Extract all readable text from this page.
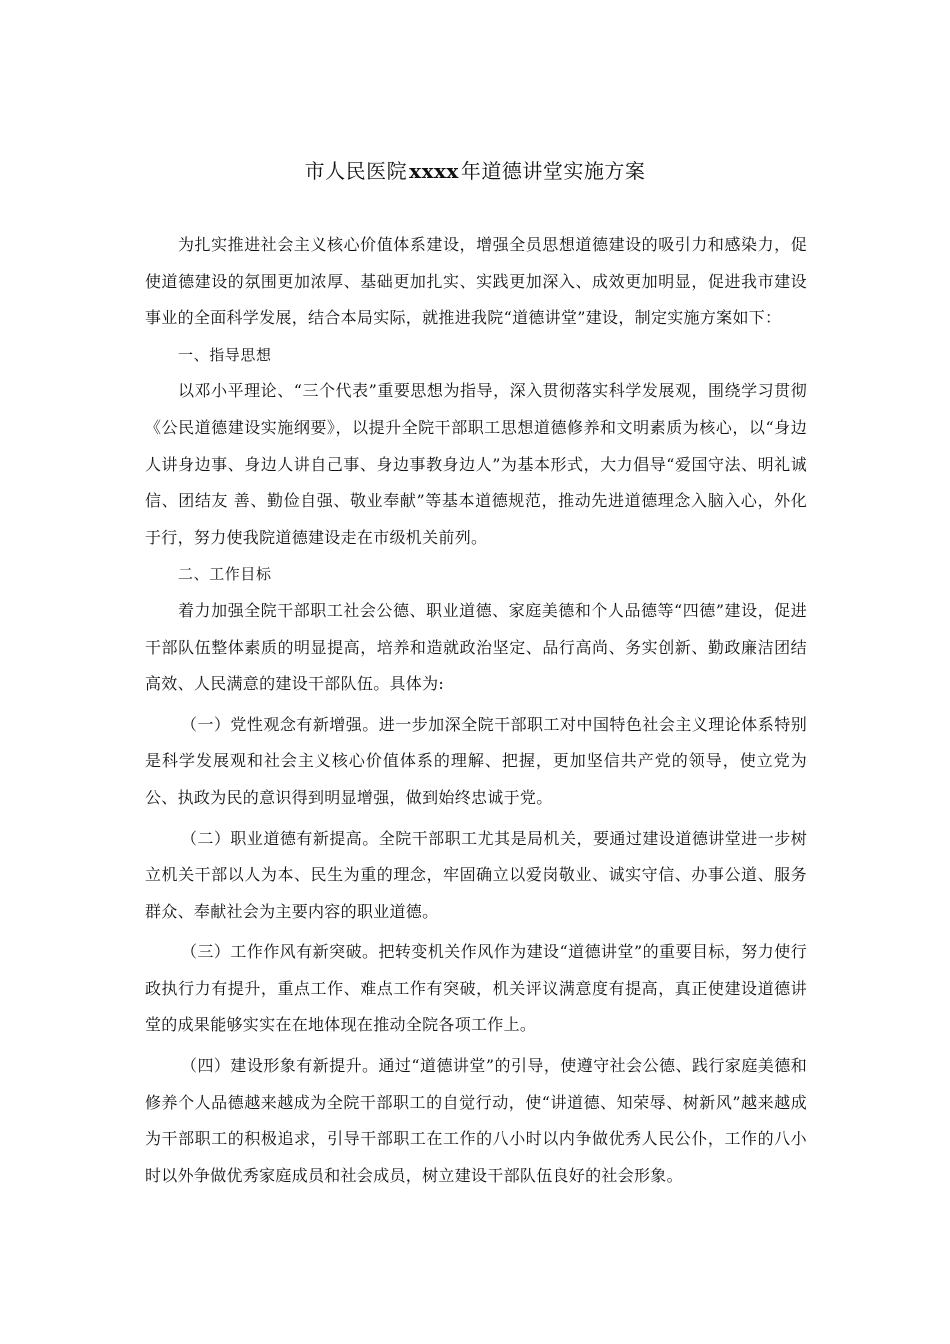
市人民医院 xxxx 年道德讲堂实施方案

为扎实推进社会主义核心价值体系建设，增强全员思想道德建设的吸引力和感染力，促使道德建设的氛围更加浓厚、基础更加扎实、实践更加深入、成效更加明显，促进我市建设事业的全面科学发展，结合本局实际，就推进我院“道德讲堂”建设，制定实施方案如下：

一、指导思想

以邓小平理论、“三个代表”重要思想为指导，深入贯彻落实科学发展观，围绕学习贯彻《公民道德建设实施纲要》，以提升全院干部职工思想道德修养和文明素质为核心，以“身边人讲身边事、身边人讲自己事、身边事教身边人”为基本形式，大力倡导“爱国守法、明礼诚信、团结友 善、勤俭自强、敬业奉献”等基本道德规范，推动先进道德理念入脑入心，外化于行，努力使我院道德建设走在市级机关前列。

二、工作目标

着力加强全院干部职工社会公德、职业道德、家庭美德和个人品德等“四德”建设，促进干部队伍整体素质的明显提高，培养和造就政治坚定、品行高尚、务实创新、勤政廉洁团结高效、人民满意的建设干部队伍。具体为:

（一）党性观念有新增强。进一步加深全院干部职工对中国特色社会主义理论体系特别是科学发展观和社会主义核心价值体系的理解、把握，更加坚信共产党的领导，使立党为公、执政为民的意识得到明显增强，做到始终忠诚于党。

（二）职业道德有新提高。全院干部职工尤其是局机关，要通过建设道德讲堂进一步树立机关干部以人为本、民生为重的理念，牢固确立以爱岗敬业、诚实守信、办事公道、服务群众、奉献社会为主要内容的职业道德。

（三）工作作风有新突破。把转变机关作风作为建设“道德讲堂”的重要目标，努力使行政执行力有提升，重点工作、难点工作有突破，机关评议满意度有提高，真正使建设道德讲堂的成果能够实实在在地体现在推动全院各项工作上。

（四）建设形象有新提升。通过“道德讲堂”的引导，使遵守社会公德、践行家庭美德和修养个人品德越来越成为全院干部职工的自觉行动，使“讲道德、知荣辱、树新风”越来越成为干部职工的积极追求，引导干部职工在工作的八小时以内争做优秀人民公仆，工作的八小时以外争做优秀家庭成员和社会成员，树立建设干部队伍良好的社会形象。
